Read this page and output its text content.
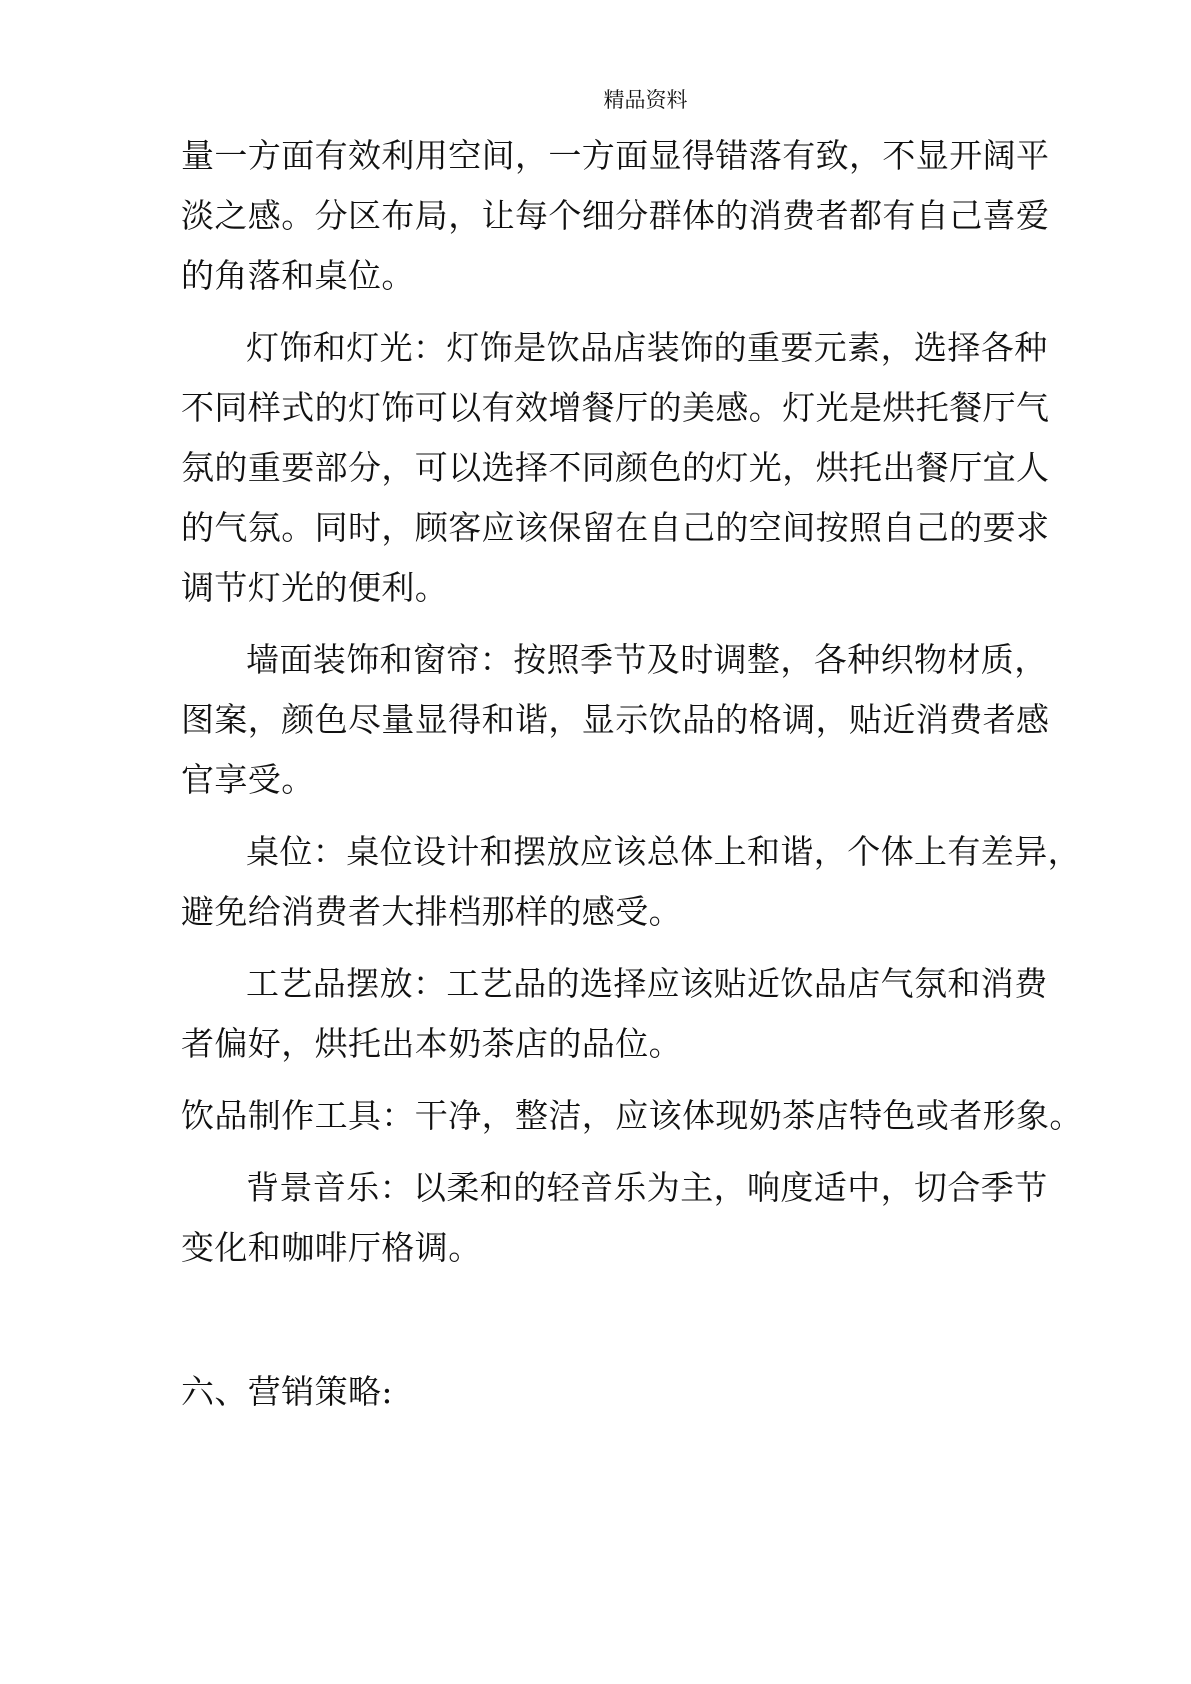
精品资料
量一方面有效利用空间，一方面显得错落有致，不显开阔平
淡之感。分区布局，让每个细分群体的消费者都有自己喜爱
的角落和桌位。
灯饰和灯光：灯饰是饮品店装饰的重要元素，选择各种
不同样式的灯饰可以有效增餐厅的美感。灯光是烘托餐厅气
氛的重要部分，可以选择不同颜色的灯光，烘托出餐厅宜人
的气氛。同时，顾客应该保留在自己的空间按照自己的要求
调节灯光的便利。
墙面装饰和窗帘：按照季节及时调整，各种织物材质，
图案，颜色尽量显得和谐，显示饮品的格调，贴近消费者感
官享受。
桌位：桌位设计和摆放应该总体上和谐，个体上有差异，
避免给消费者大排档那样的感受。
工艺品摆放：工艺品的选择应该贴近饮品店气氛和消费
者偏好，烘托出本奶茶店的品位。
饮品制作工具：干净，整洁，应该体现奶茶店特色或者形象。
背景音乐：以柔和的轻音乐为主，响度适中，切合季节
变化和咖啡厅格调。
六、营销策略:
